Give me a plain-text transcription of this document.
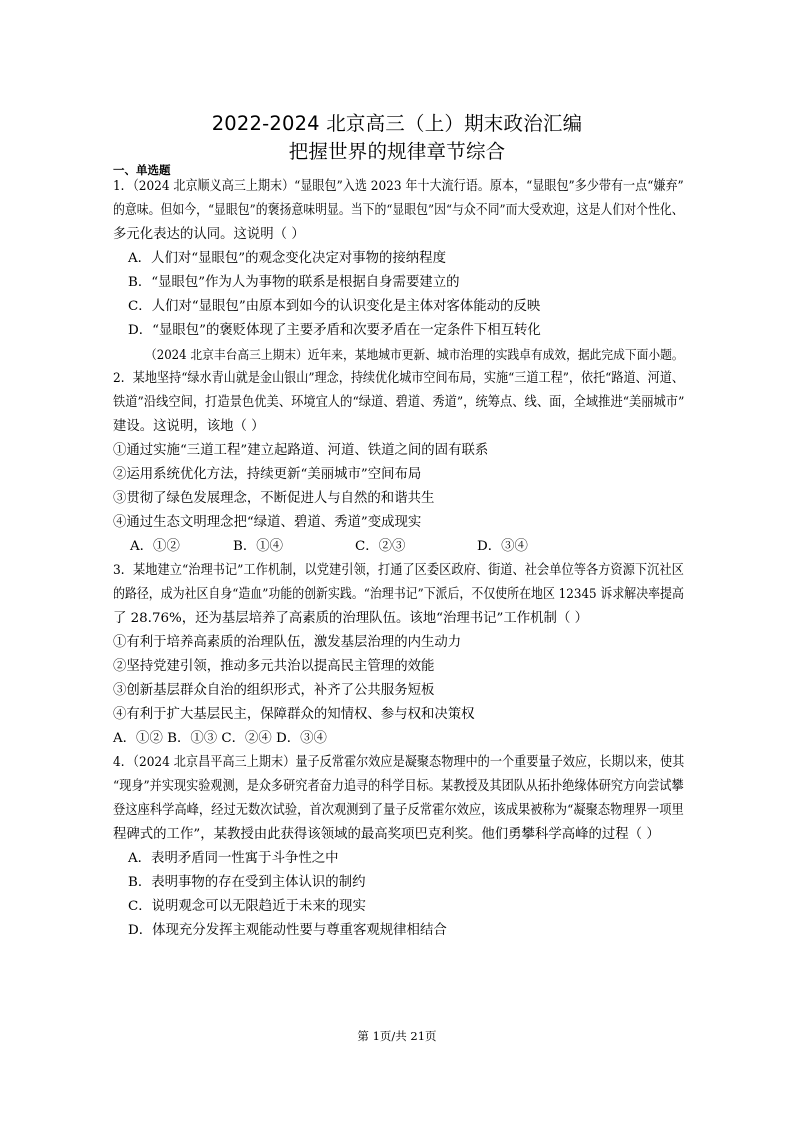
2022-2024 北京高三（上）期末政治汇编
把握世界的规律章节综合
一、单选题
1．（2024 北京顺义高三上期末）“显眼包”入选 2023 年十大流行语。原本，“显眼包”多少带有一点“嫌弃”
的意味。但如今，“显眼包”的褒扬意味明显。当下的“显眼包”因“与众不同”而大受欢迎，这是人们对个性化、
多元化表达的认同。这说明（ ）
A．人们对“显眼包”的观念变化决定对事物的接纳程度
B．“显眼包”作为人为事物的联系是根据自身需要建立的
C．人们对“显眼包”由原本到如今的认识变化是主体对客体能动的反映
D．“显眼包”的褒贬体现了主要矛盾和次要矛盾在一定条件下相互转化
（2024 北京丰台高三上期末）近年来，某地城市更新、城市治理的实践卓有成效，据此完成下面小题。
2．某地坚持“绿水青山就是金山银山”理念，持续优化城市空间布局，实施“三道工程”，依托“路道、河道、
铁道”沿线空间，打造景色优美、环境宜人的“绿道、碧道、秀道”，统筹点、线、面，全域推进“美丽城市”
建设。这说明，该地（ ）
①通过实施“三道工程”建立起路道、河道、铁道之间的固有联系
②运用系统优化方法，持续更新“美丽城市”空间布局
③贯彻了绿色发展理念，不断促进人与自然的和谐共生
④通过生态文明理念把“绿道、碧道、秀道”变成现实
A．①②	B．①④	C．②③	D．③④
3．某地建立“治理书记”工作机制，以党建引领，打通了区委区政府、街道、社会单位等各方资源下沉社区
的路径，成为社区自身“造血”功能的创新实践。“治理书记”下派后，不仅使所在地区 12345 诉求解决率提高
了 28.76%，还为基层培养了高素质的治理队伍。该地“治理书记”工作机制（ ）
①有利于培养高素质的治理队伍，激发基层治理的内生动力
②坚持党建引领，推动多元共治以提高民主管理的效能
③创新基层群众自治的组织形式，补齐了公共服务短板
④有利于扩大基层民主，保障群众的知情权、参与权和决策权
A．①② B．①③ C．②④ D．③④
4．（2024 北京昌平高三上期末）量子反常霍尔效应是凝聚态物理中的一个重要量子效应，长期以来，使其
“现身”并实现实验观测，是众多研究者奋力追寻的科学目标。某教授及其团队从拓扑绝缘体研究方向尝试攀
登这座科学高峰，经过无数次试验，首次观测到了量子反常霍尔效应，该成果被称为“凝聚态物理界一项里
程碑式的工作”，某教授由此获得该领域的最高奖项巴克利奖。他们勇攀科学高峰的过程（ ）
A．表明矛盾同一性寓于斗争性之中
B．表明事物的存在受到主体认识的制约
C．说明观念可以无限趋近于未来的现实
D．体现充分发挥主观能动性要与尊重客观规律相结合
第 1页/共 21页
